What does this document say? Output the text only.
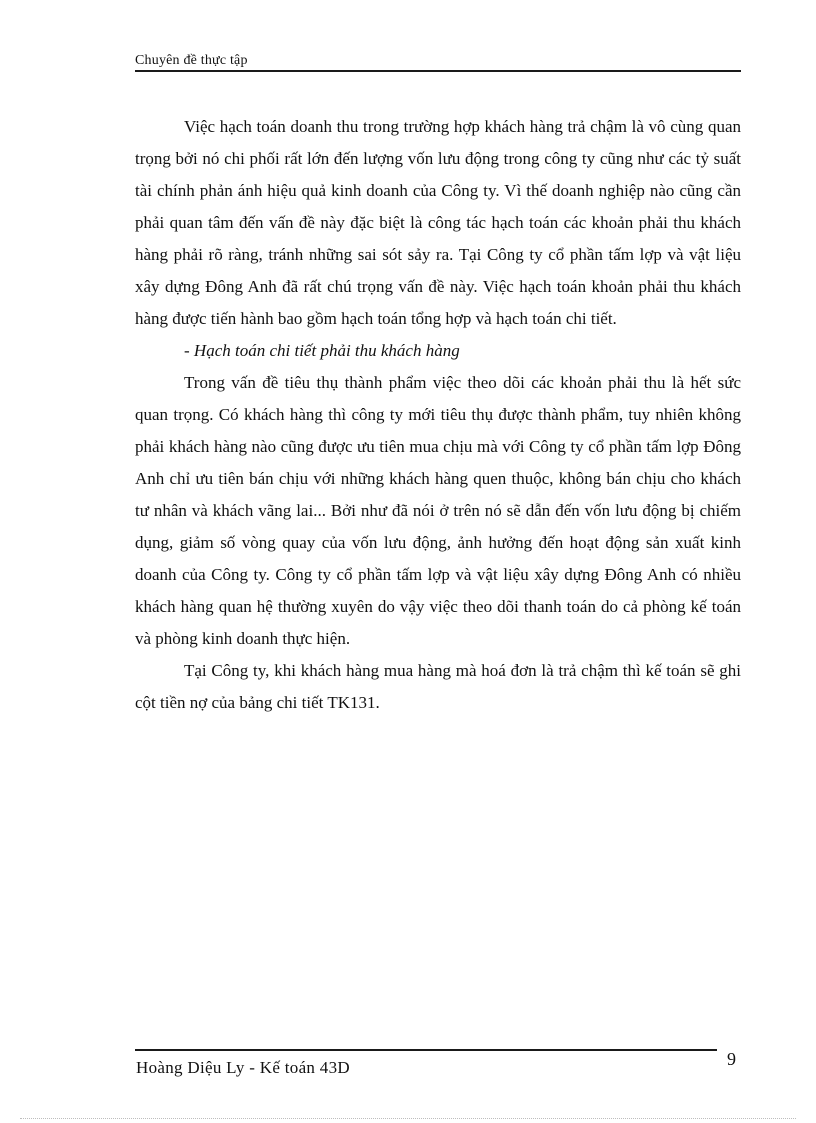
Chuyên đề thực tập

Việc hạch toán doanh thu trong trường hợp khách hàng trả chậm là vô cùng quan trọng bởi nó chi phối rất lớn đến lượng vốn lưu động trong công ty cũng như các tỷ suất tài chính phản ánh hiệu quả kinh doanh của Công ty. Vì thế doanh nghiệp nào cũng cần phải quan tâm đến vấn đề này đặc biệt là công tác hạch toán các khoản phải thu khách hàng phải rõ ràng, tránh những sai sót sảy ra. Tại Công ty cổ phần tấm lợp và vật liệu xây dựng Đông Anh đã rất chú trọng vấn đề này. Việc hạch toán khoản phải thu khách hàng được tiến hành bao gồm hạch toán tổng hợp và hạch toán chi tiết.

- Hạch toán chi tiết phải thu khách hàng

Trong vấn đề tiêu thụ thành phẩm việc theo dõi các khoản phải thu là hết sức quan trọng. Có khách hàng thì công ty mới tiêu thụ được thành phẩm, tuy nhiên không phải khách hàng nào cũng được ưu tiên mua chịu mà với Công ty cổ phần tấm lợp Đông Anh chỉ ưu tiên bán chịu với những khách hàng quen thuộc, không bán chịu cho khách tư nhân và khách vãng lai... Bởi như đã nói ở trên nó sẽ dẫn đến vốn lưu động bị chiếm dụng, giảm số vòng quay của vốn lưu động, ảnh hưởng đến hoạt động sản xuất kinh doanh của Công ty. Công ty cổ phần tấm lợp và vật liệu xây dựng Đông Anh có nhiều khách hàng quan hệ thường xuyên do vậy việc theo dõi thanh toán do cả phòng kế toán và phòng kinh doanh thực hiện.

Tại Công ty, khi khách hàng mua hàng mà hoá đơn là trả chậm thì kế toán sẽ ghi cột tiền nợ của bảng chi tiết TK131.

Hoàng Diệu Ly - Kế toán 43D	9
